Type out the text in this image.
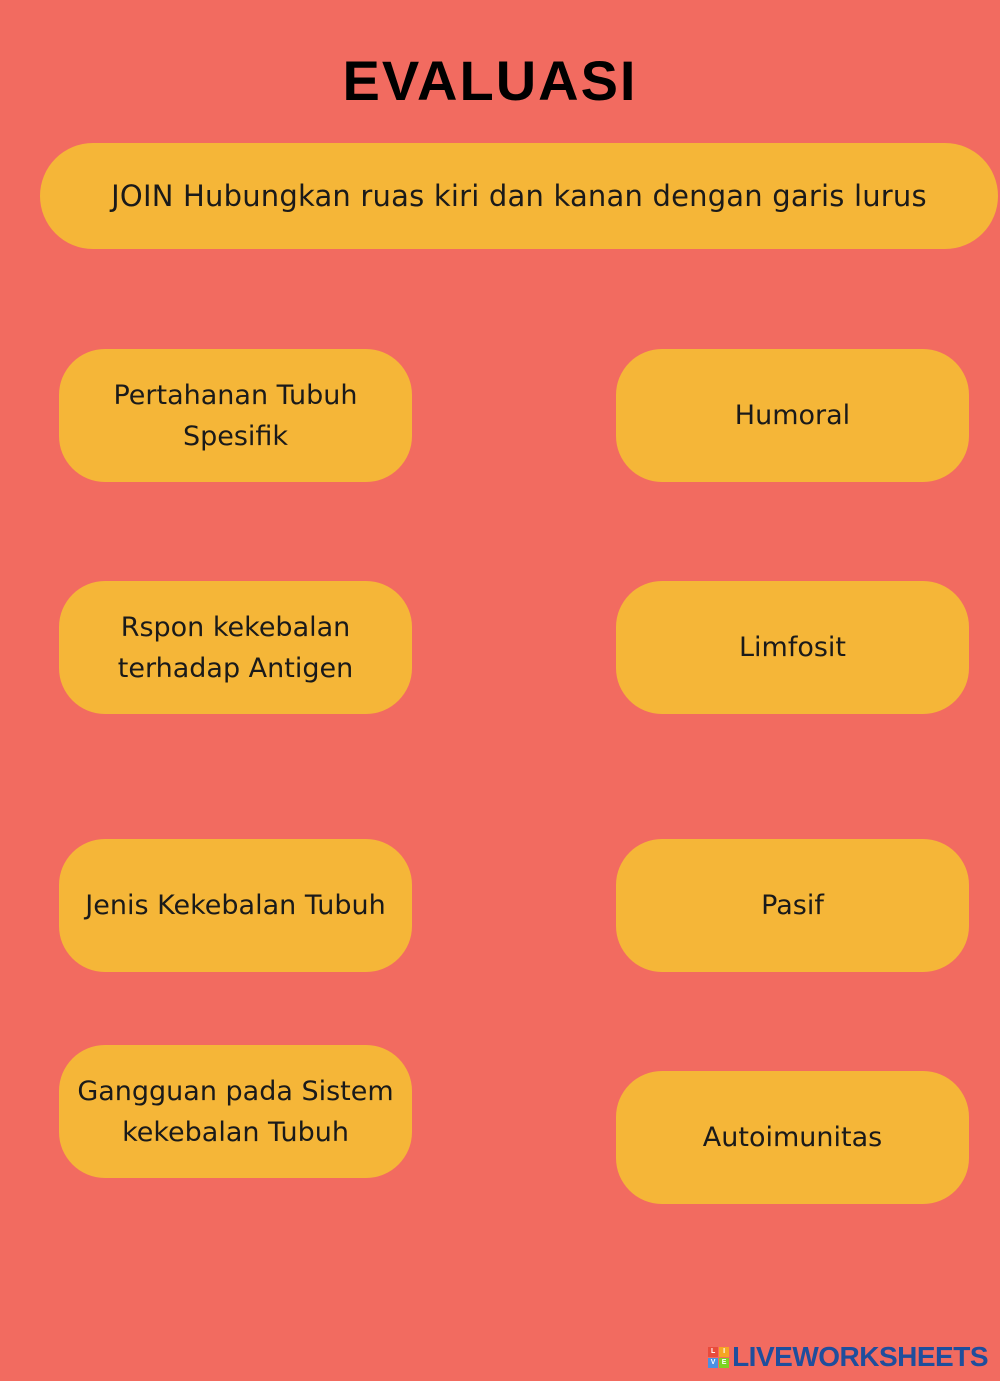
EVALUASI
JOIN Hubungkan ruas kiri dan kanan dengan garis lurus
Pertahanan Tubuh
Spesifik
Rspon kekebalan
terhadap Antigen
Jenis Kekebalan Tubuh
Gangguan pada Sistem
kekebalan Tubuh
Humoral
Limfosit
Pasif
Autoimunitas
L	I
V E LIVEWORKSHEETS
